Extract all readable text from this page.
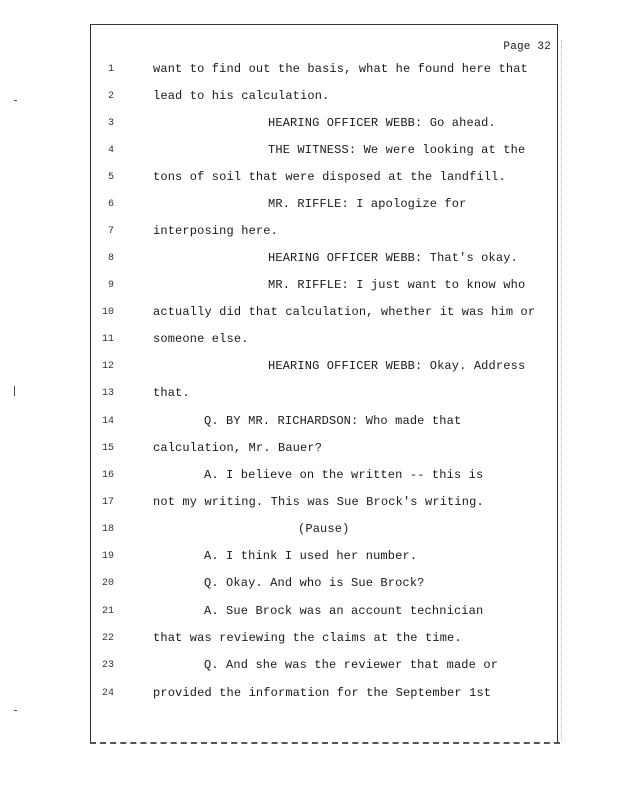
Page 32
1	want to find out the basis, what he found here that
2	lead to his calculation.
3	HEARING OFFICER WEBB: Go ahead.
4	THE WITNESS: We were looking at the
5	tons of soil that were disposed at the landfill.
6	MR. RIFFLE: I apologize for
7	interposing here.
8	HEARING OFFICER WEBB: That's okay.
9	MR. RIFFLE: I just want to know who
10	actually did that calculation, whether it was him or
11	someone else.
12	HEARING OFFICER WEBB: Okay. Address
13	that.
14	Q. BY MR. RICHARDSON: Who made that
15	calculation, Mr. Bauer?
16	A. I believe on the written -- this is
17	not my writing. This was Sue Brock's writing.
18	(Pause)
19	A. I think I used her number.
20	Q. Okay. And who is Sue Brock?
21	A. Sue Brock was an account technician
22	that was reviewing the claims at the time.
23	Q. And she was the reviewer that made or
24	provided the information for the September 1st
